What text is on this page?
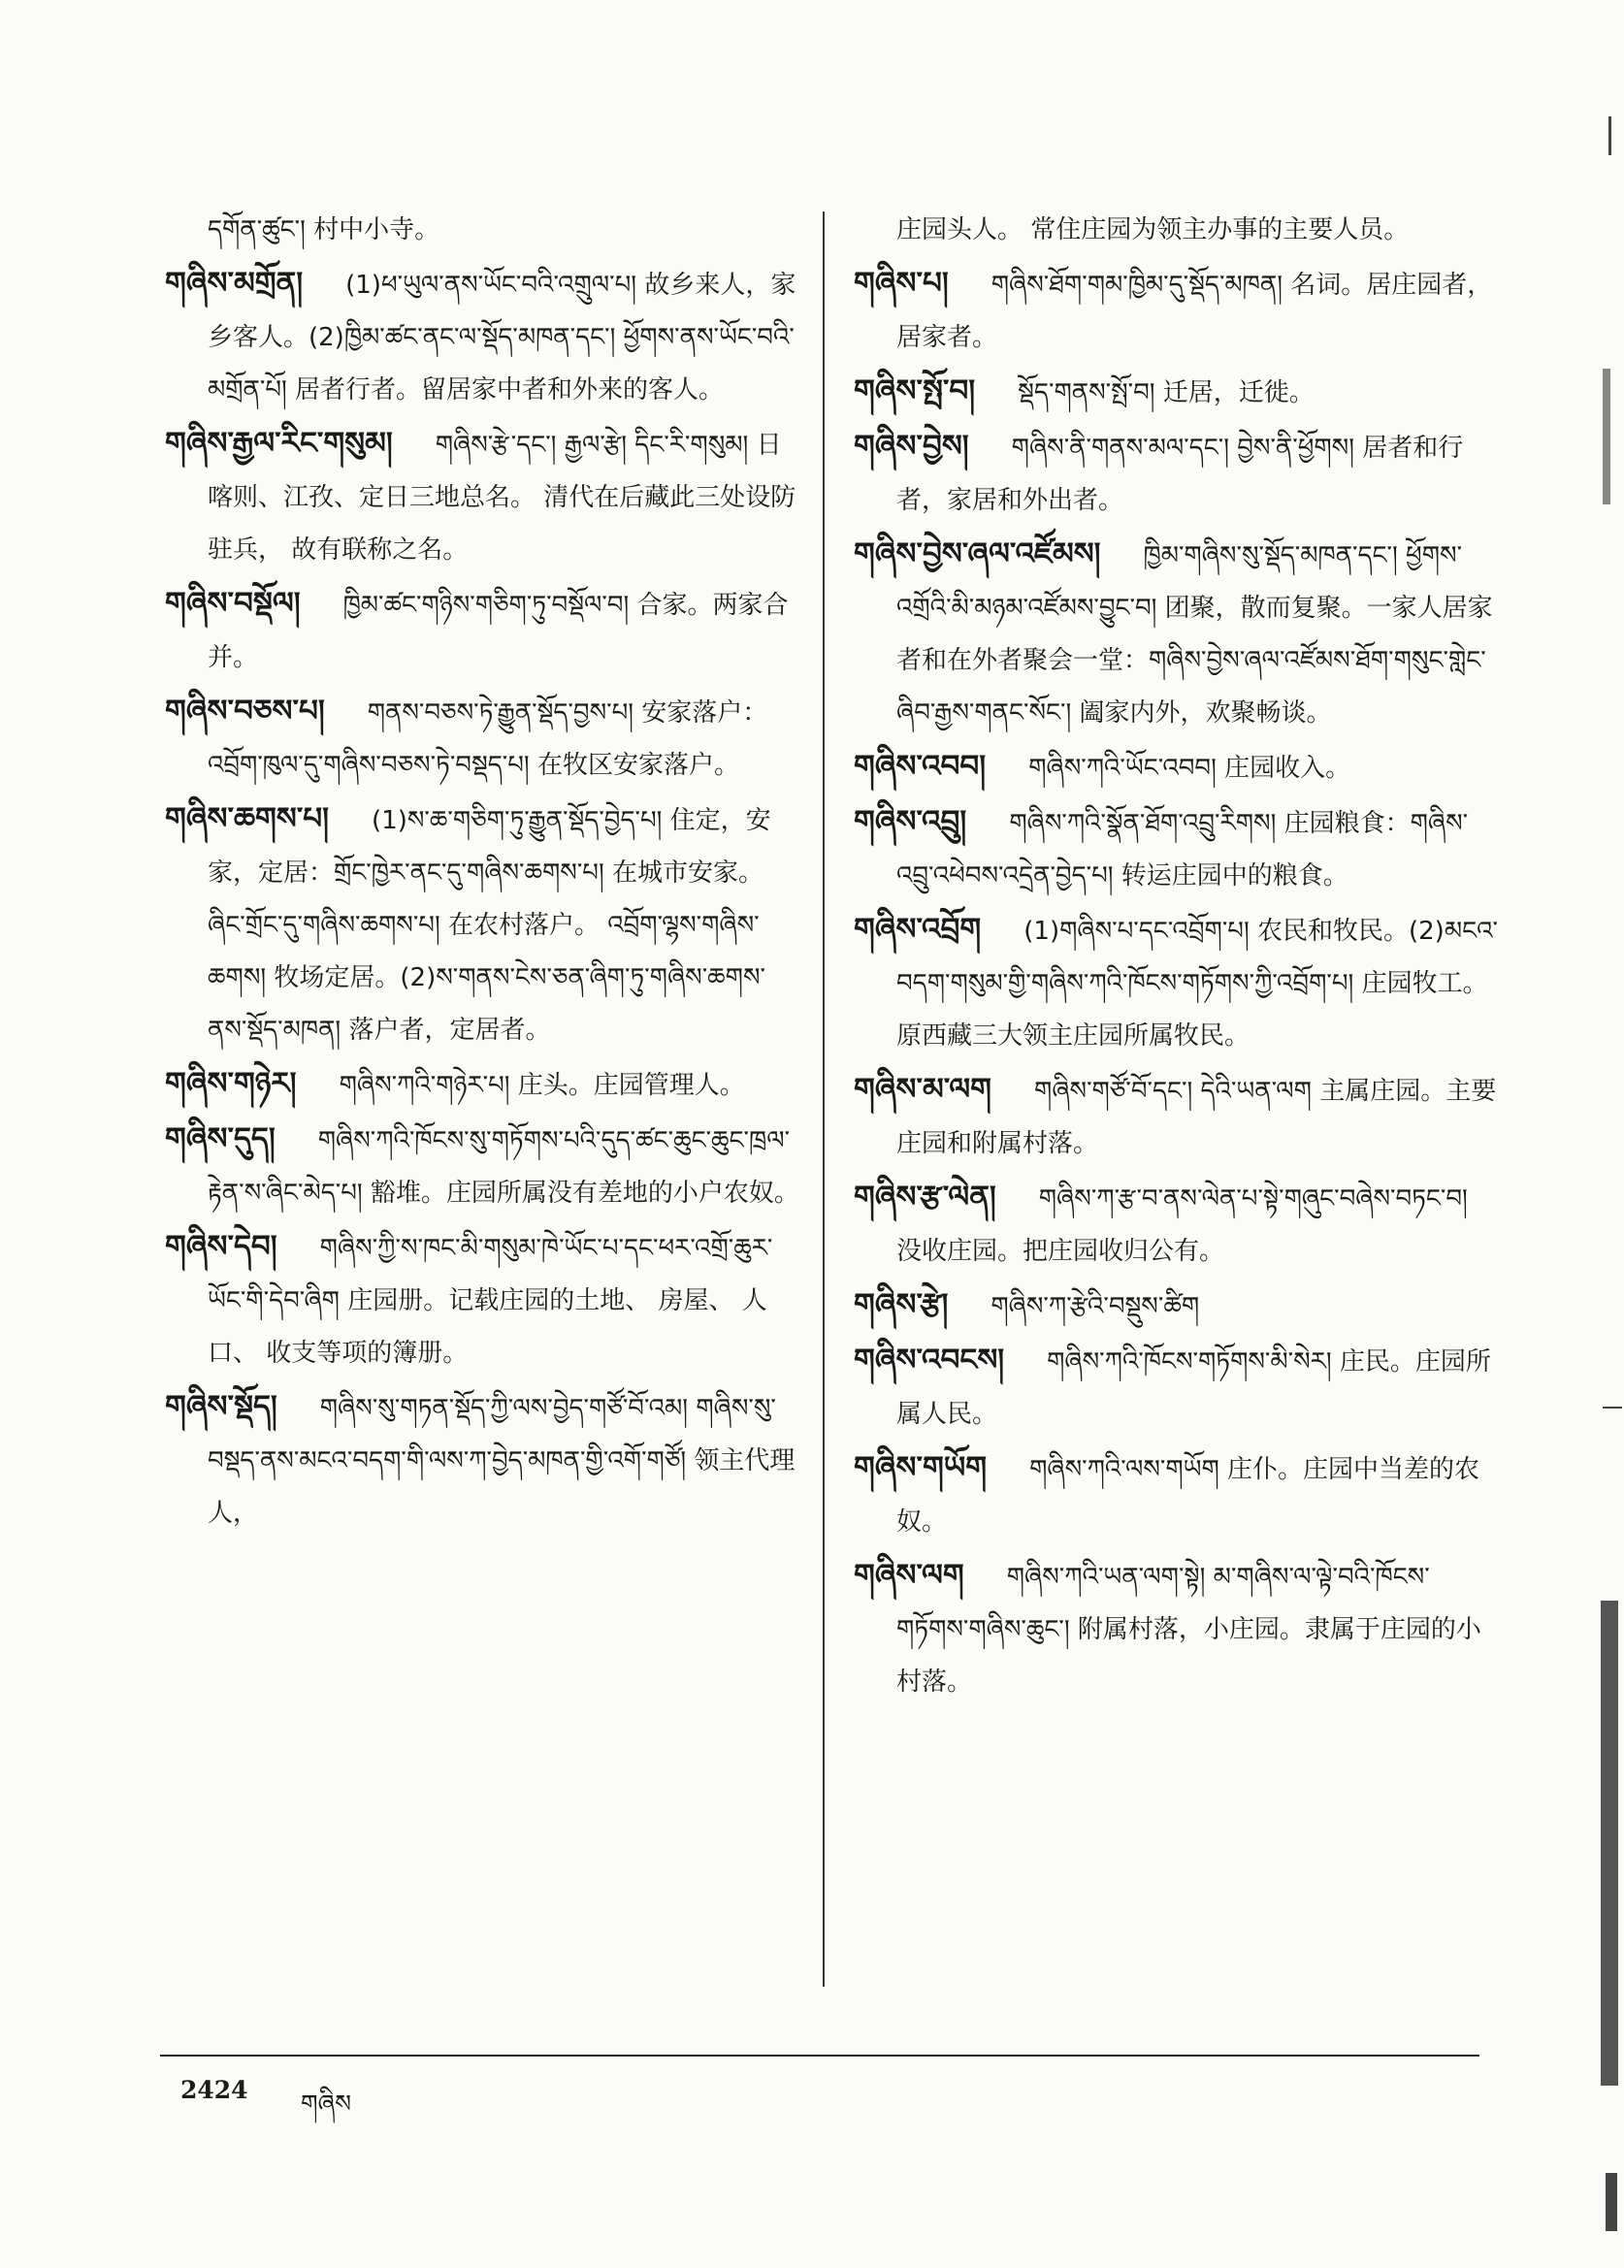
དགོན་ཚུང་། 村中小寺。
གཞིས་མགྲོན། (1)ཕ་ཡུལ་ནས་ཡོང་བའི་འགྲུལ་པ། 故乡来人，家乡客人。(2)ཁྱིམ་ཚང་ནང་ལ་སྡོད་མཁན་དང་། ཕྱོགས་ནས་ཡོང་བའི་མགྲོན་པོ། 居者行者。留居家中者和外来的客人。
གཞིས་རྒྱལ་རིང་གསུམ། གཞིས་རྩེ་དང་། རྒྱལ་རྩེ། དིང་རི་གསུམ། 日喀则、江孜、定日三地总名。 清代在后藏此三处设防驻兵， 故有联称之名。
གཞིས་བསྡོལ། ཁྱིམ་ཚང་གཉིས་གཅིག་ཏུ་བསྡོལ་བ། 合家。两家合并。
གཞིས་བཅས་པ། གནས་བཅས་ཏེ་རྒྱུན་སྡོད་བྱས་པ། 安家落户：འབྲོག་ཁུལ་དུ་གཞིས་བཅས་ཏེ་བསྡད་པ། 在牧区安家落户。
གཞིས་ཆགས་པ། (1)ས་ཆ་གཅིག་ཏུ་རྒྱུན་སྡོད་བྱེད་པ། 住定，安家，定居：གྲོང་ཁྱེར་ནང་དུ་གཞིས་ཆགས་པ། 在城市安家。ཞིང་གྲོང་དུ་གཞིས་ཆགས་པ། 在农村落户。 འབྲོག་ལྷས་གཞིས་ཆགས། 牧场定居。(2)ས་གནས་ངེས་ཅན་ཞིག་ཏུ་གཞིས་ཆགས་ནས་སྡོད་མཁན། 落户者，定居者。
གཞིས་གཉེར། གཞིས་ཀའི་གཉེར་པ། 庄头。庄园管理人。
གཞིས་དུད། གཞིས་ཀའི་ཁོངས་སུ་གཏོགས་པའི་དུད་ཚང་ཆུང་ཆུང་ཁྲལ་རྟེན་ས་ཞིང་མེད་པ། 豁堆。庄园所属没有差地的小户农奴。
གཞིས་དེབ། གཞིས་ཀྱི་ས་ཁང་མི་གསུམ་ཁེ་ཡོང་པ་དང་ཕར་འགྲོ་ཆུར་ཡོང་གི་དེབ་ཞིག 庄园册。记载庄园的土地、 房屋、 人口、 收支等项的簿册。
གཞིས་སྡོད། གཞིས་སུ་གཏན་སྡོད་ཀྱི་ལས་བྱེད་གཙོ་བོ་འམ། གཞིས་སུ་བསྡད་ནས་མངའ་བདག་གི་ལས་ཀ་བྱེད་མཁན་གྱི་འགོ་གཙོ། 领主代理人，
庄园头人。 常住庄园为领主办事的主要人员。
གཞིས་པ། གཞིས་ཐོག་གམ་ཁྱིམ་དུ་སྡོད་མཁན། 名词。居庄园者，居家者。
གཞིས་སྤོ་བ། སྡོད་གནས་སྤོ་བ། 迁居，迁徙。
གཞིས་བྱེས། གཞིས་ནི་གནས་མལ་དང་། བྱེས་ནི་ཕྱོགས། 居者和行者，家居和外出者。
གཞིས་བྱེས་ཞལ་འཛོམས། ཁྱིམ་གཞིས་སུ་སྡོད་མཁན་དང་། ཕྱོགས་འགྲོའི་མི་མཉམ་འཛོམས་བྱུང་བ། 团聚，散而复聚。一家人居家者和在外者聚会一堂：གཞིས་བྱེས་ཞལ་འཛོམས་ཐོག་གསུང་གླེང་ཞིབ་རྒྱས་གནང་སོང་། 阖家内外，欢聚畅谈。
གཞིས་འབབ། གཞིས་ཀའི་ཡོང་འབབ། 庄园收入。
གཞིས་འབྲུ། གཞིས་ཀའི་སྣོན་ཐོག་འབྲུ་རིགས། 庄园粮食：གཞིས་འབྲུ་འཕེབས་འདྲེན་བྱེད་པ། 转运庄园中的粮食。
གཞིས་འབྲོག (1)གཞིས་པ་དང་འབྲོག་པ། 农民和牧民。(2)མངའ་བདག་གསུམ་གྱི་གཞིས་ཀའི་ཁོངས་གཏོགས་ཀྱི་འབྲོག་པ། 庄园牧工。原西藏三大领主庄园所属牧民。
གཞིས་མ་ལག གཞིས་གཙོ་བོ་དང་། དེའི་ཡན་ལག 主属庄园。主要庄园和附属村落。
གཞིས་རྩ་ལེན། གཞིས་ཀ་རྩ་བ་ནས་ལེན་པ་སྟེ་གཞུང་བཞེས་བཏང་བ། 没收庄园。把庄园收归公有。
གཞིས་རྩེ། གཞིས་ཀ་རྩེའི་བསྡུས་ཚིག
གཞིས་འབངས། གཞིས་ཀའི་ཁོངས་གཏོགས་མི་སེར། 庄民。庄园所属人民。
གཞིས་གཡོག གཞིས་ཀའི་ལས་གཡོག 庄仆。庄园中当差的农奴。
གཞིས་ལག གཞིས་ཀའི་ཡན་ལག་སྟེ། མ་གཞིས་ལ་ལྟེ་བའི་ཁོངས་གཏོགས་གཞིས་ཆུང་། 附属村落，小庄园。隶属于庄园的小村落。
2424 གཞིས
